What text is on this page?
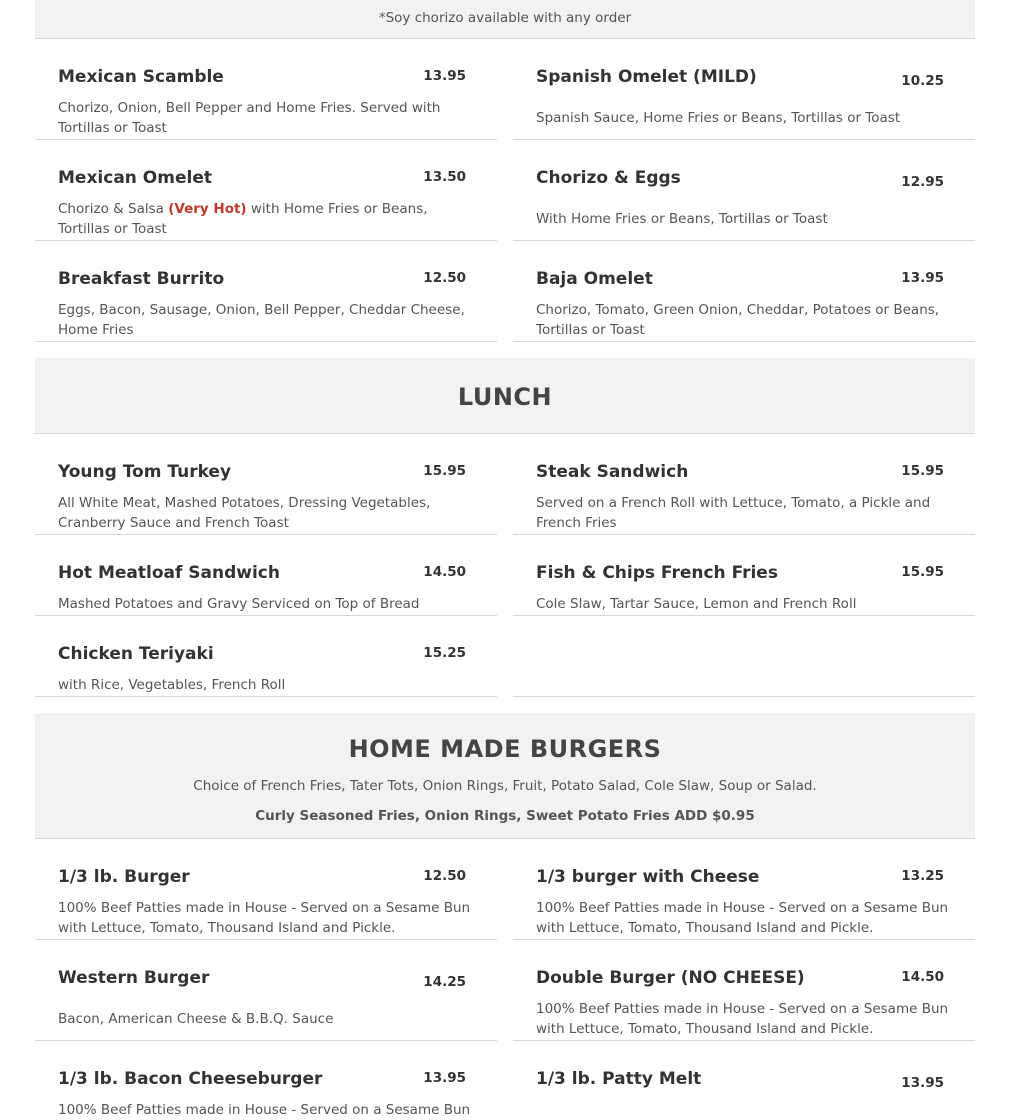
*Soy chorizo available with any order
Mexican Scamble	13.95
Chorizo, Onion, Bell Pepper and Home Fries. Served with Tortillas or Toast
Spanish Omelet (MILD)	10.25
Spanish Sauce, Home Fries or Beans, Tortillas or Toast
Mexican Omelet	13.50
Chorizo & Salsa (Very Hot) with Home Fries or Beans, Tortillas or Toast
Chorizo & Eggs	12.95
With Home Fries or Beans, Tortillas or Toast
Breakfast Burrito	12.50
Eggs, Bacon, Sausage, Onion, Bell Pepper, Cheddar Cheese, Home Fries
Baja Omelet	13.95
Chorizo, Tomato, Green Onion, Cheddar, Potatoes or Beans, Tortillas or Toast
LUNCH
Young Tom Turkey	15.95
All White Meat, Mashed Potatoes, Dressing Vegetables, Cranberry Sauce and French Toast
Steak Sandwich	15.95
Served on a French Roll with Lettuce, Tomato, a Pickle and French Fries
Hot Meatloaf Sandwich	14.50
Mashed Potatoes and Gravy Serviced on Top of Bread
Fish & Chips French Fries	15.95
Cole Slaw, Tartar Sauce, Lemon and French Roll
Chicken Teriyaki	15.25
with Rice, Vegetables, French Roll
HOME MADE BURGERS
Choice of French Fries, Tater Tots, Onion Rings, Fruit, Potato Salad, Cole Slaw, Soup or Salad.
Curly Seasoned Fries, Onion Rings, Sweet Potato Fries ADD $0.95
1/3 lb. Burger	12.50
100% Beef Patties made in House - Served on a Sesame Bun with Lettuce, Tomato, Thousand Island and Pickle.
1/3 burger with Cheese	13.25
100% Beef Patties made in House - Served on a Sesame Bun with Lettuce, Tomato, Thousand Island and Pickle.
Western Burger	14.25
Bacon, American Cheese & B.B.Q. Sauce
Double Burger (NO CHEESE)	14.50
100% Beef Patties made in House - Served on a Sesame Bun with Lettuce, Tomato, Thousand Island and Pickle.
1/3 lb. Bacon Cheeseburger	13.95
100% Beef Patties made in House - Served on a Sesame Bun
1/3 lb. Patty Melt	13.95
